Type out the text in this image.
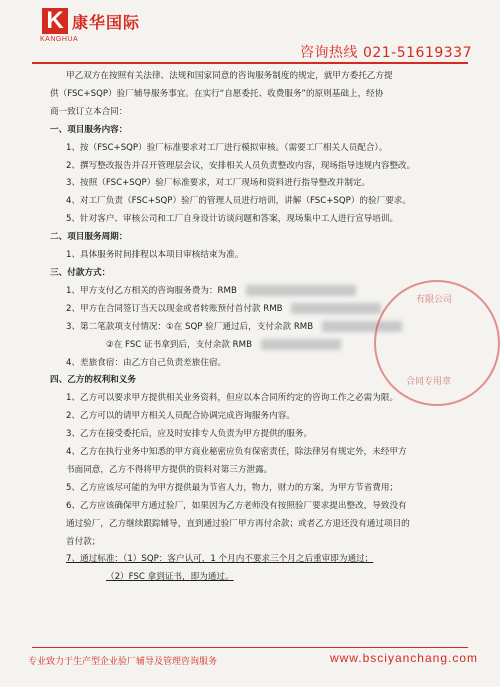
K
KANGHUA
康华国际
咨询热线 021-51619337
甲乙双方在按照有关法律、法规和国家同意的咨询服务制度的规定，就甲方委托乙方提
供（FSC+SQP）验厂辅导服务事宜。在实行“自愿委托、收费服务”的原则基础上，经协
商一致订立本合同：
一、项目服务内容：
1、按（FSC+SQP）验厂标准要求对工厂进行模拟审核。（需要工厂相关人员配合）。
2、撰写整改报告并召开管理层会议，安排相关人员负责整改内容，现场指导违规内容整改。
3、按照（FSC+SQP）验厂标准要求，对工厂现场和资料进行指导整改并制定。
4、对工厂负责（FSC+SQP）验厂的管理人员进行培训，讲解（FSC+SQP）的验厂要求。
5、针对客户、审核公司和工厂自身设计访谈问题和答案，现场集中工人进行宣导培训。
二、项目服务周期：
1、具体服务时间排程以本项目审核结束为准。
三、付款方式：
1、甲方支付乙方相关的咨询服务费为：RMB
2、甲方在合同签订当天以现金或者转账预付首付款 RMB
3、第二笔款项支付情况：①在 SQP 验厂通过后，支付余款 RMB
②在 FSC 证书拿到后，支付余款 RMB
4、差旅食宿：由乙方自己负责差旅住宿。
四、乙方的权利和义务
1、乙方可以要求甲方提供相关业务资料，但应以本合同所约定的咨询工作之必需为限。
2、乙方可以的请甲方相关人员配合协调完成咨询服务内容。
3、乙方在接受委托后，应及时安排专人负责为甲方提供的服务。
4、乙方在执行业务中知悉的甲方商业秘密应负有保密责任，除法律另有规定外，未经甲方
书面同意，乙方不得将甲方提供的资料对第三方泄露。
5、乙方应该尽可能的为甲方提供最为节省人力，物力，财力的方案，为甲方节省费用；
6、乙方应该确保甲方通过验厂，如果因为乙方老师没有按照验厂要求提出整改，导致没有
通过验厂，乙方继续跟踪辅导，直到通过验厂甲方再付余款；或者乙方退还没有通过项目的
首付款；
7、通过标准：（1）SQP：客户认可，1 个月内不要求三个月之后重审即为通过；
（2）FSC 拿到证书，即为通过。
有限公司
合同专用章
专业致力于生产型企业验厂辅导及管理咨询服务	www.bsciyanchang.com
